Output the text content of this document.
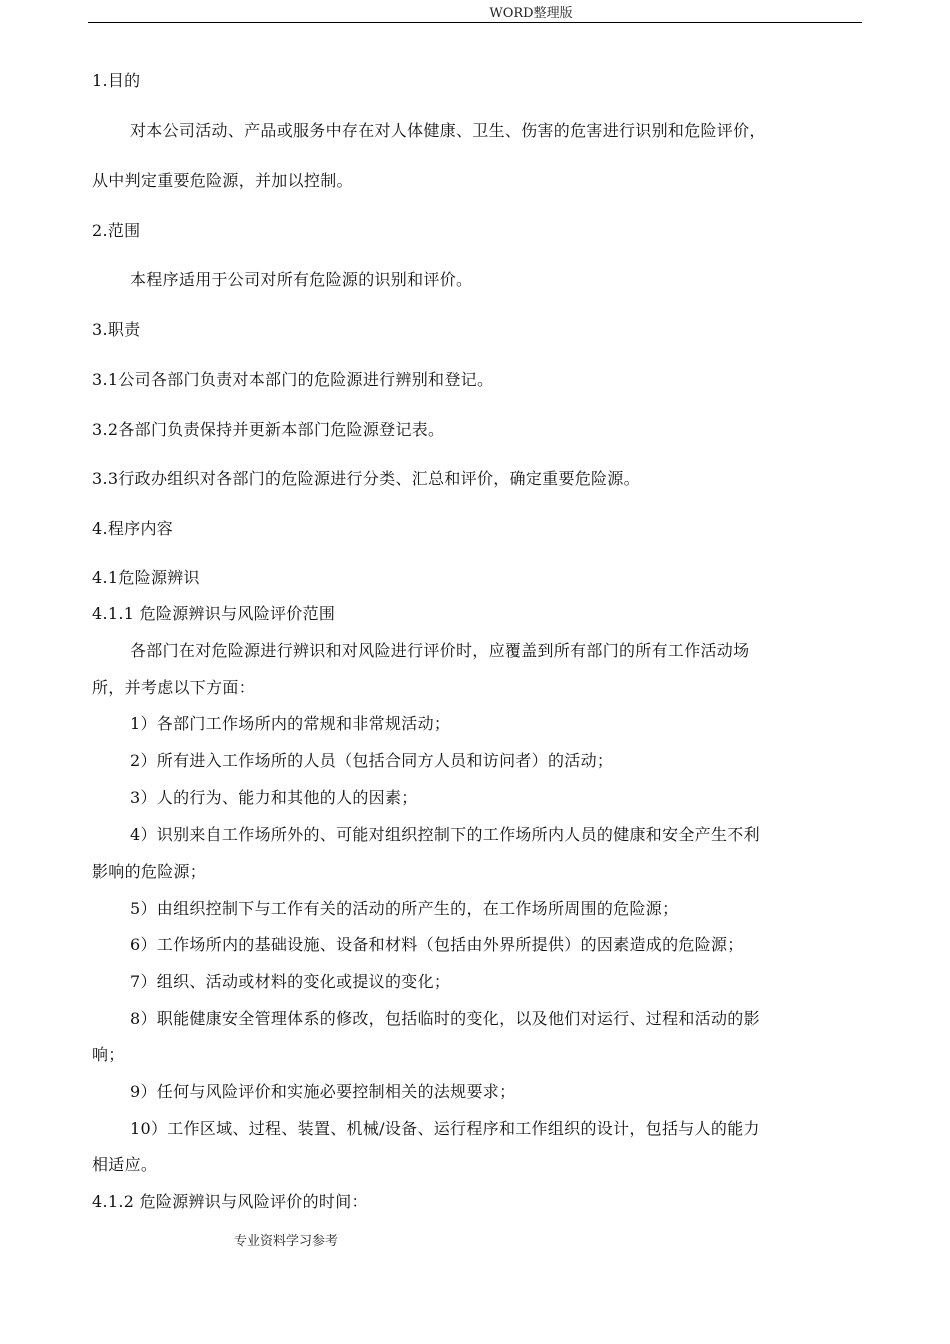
WORD整理版
1.目的
对本公司活动、产品或服务中存在对人体健康、卫生、伤害的危害进行识别和危险评价，
从中判定重要危险源，并加以控制。
2.范围
本程序适用于公司对所有危险源的识别和评价。
3.职责
3.1公司各部门负责对本部门的危险源进行辨别和登记。
3.2各部门负责保持并更新本部门危险源登记表。
3.3行政办组织对各部门的危险源进行分类、汇总和评价，确定重要危险源。
4.程序内容
4.1危险源辨识
4.1.1 危险源辨识与风险评价范围
各部门在对危险源进行辨识和对风险进行评价时，应覆盖到所有部门的所有工作活动场
所，并考虑以下方面：
1）各部门工作场所内的常规和非常规活动；
2）所有进入工作场所的人员（包括合同方人员和访问者）的活动；
3）人的行为、能力和其他的人的因素；
4）识别来自工作场所外的、可能对组织控制下的工作场所内人员的健康和安全产生不利
影响的危险源；
5）由组织控制下与工作有关的活动的所产生的，在工作场所周围的危险源；
6）工作场所内的基础设施、设备和材料（包括由外界所提供）的因素造成的危险源；
7）组织、活动或材料的变化或提议的变化；
8）职能健康安全管理体系的修改，包括临时的变化，以及他们对运行、过程和活动的影
响；
9）任何与风险评价和实施必要控制相关的法规要求；
10）工作区域、过程、装置、机械/设备、运行程序和工作组织的设计，包括与人的能力
相适应。
4.1.2 危险源辨识与风险评价的时间：
专业资料学习参考
